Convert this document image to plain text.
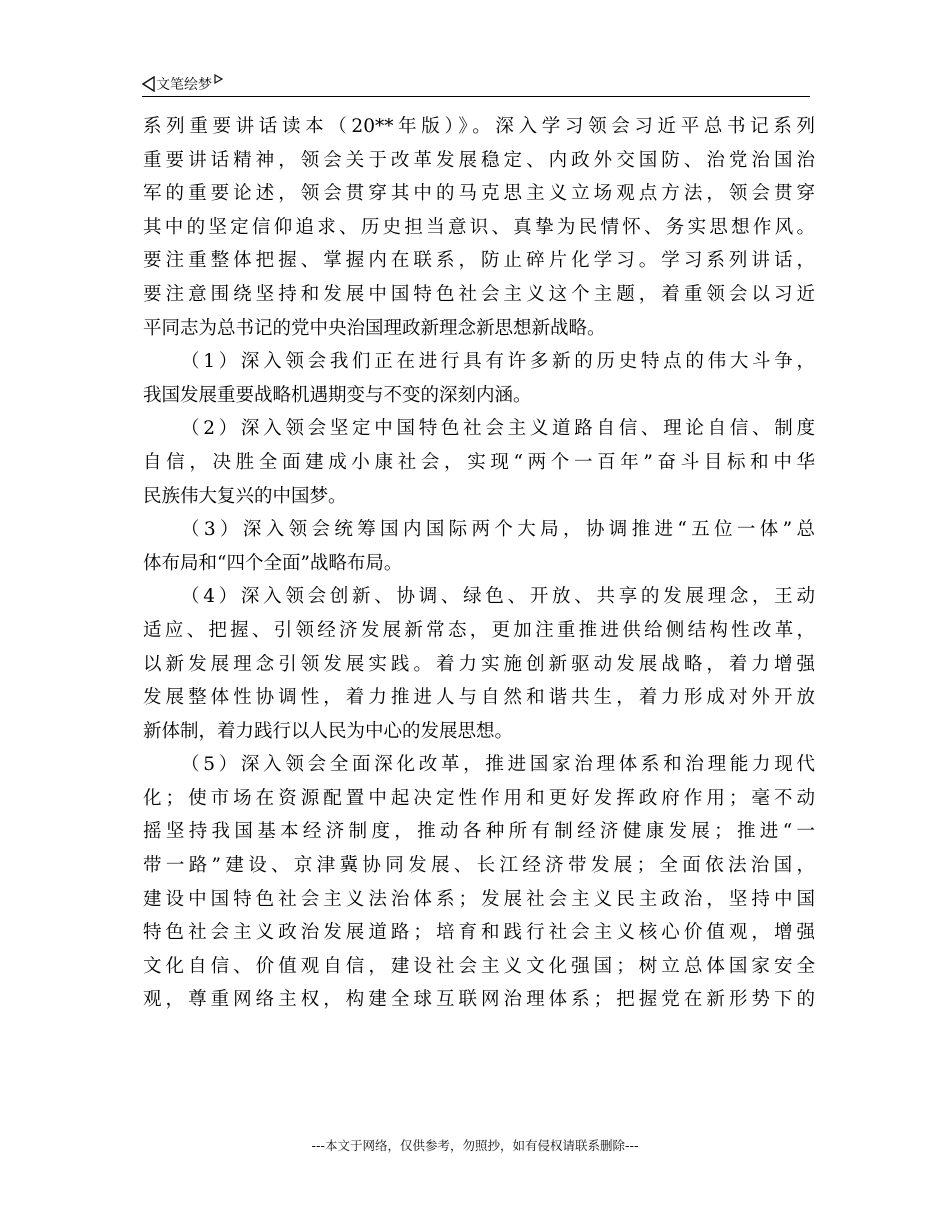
文笔绘梦
系列重要讲话读本（20**年版）》。深入学习领会习近平总书记系列
重要讲话精神，领会关于改革发展稳定、内政外交国防、治党治国治
军的重要论述，领会贯穿其中的马克思主义立场观点方法，领会贯穿
其中的坚定信仰追求、历史担当意识、真挚为民情怀、务实思想作风。
要注重整体把握、掌握内在联系，防止碎片化学习。学习系列讲话，
要注意围绕坚持和发展中国特色社会主义这个主题，着重领会以习近
平同志为总书记的党中央治国理政新理念新思想新战略。
（1）深入领会我们正在进行具有许多新的历史特点的伟大斗争，
我国发展重要战略机遇期变与不变的深刻内涵。
（2）深入领会坚定中国特色社会主义道路自信、理论自信、制度
自信，决胜全面建成小康社会，实现“两个一百年”奋斗目标和中华
民族伟大复兴的中国梦。
（3）深入领会统筹国内国际两个大局，协调推进“五位一体”总
体布局和“四个全面”战略布局。
（4）深入领会创新、协调、绿色、开放、共享的发展理念，王动
适应、把握、引领经济发展新常态，更加注重推进供给侧结构性改革，
以新发展理念引领发展实践。着力实施创新驱动发展战略，着力增强
发展整体性协调性，着力推进人与自然和谐共生，着力形成对外开放
新体制，着力践行以人民为中心的发展思想。
（5）深入领会全面深化改革，推进国家治理体系和治理能力现代
化；使市场在资源配置中起决定性作用和更好发挥政府作用；毫不动
摇坚持我国基本经济制度，推动各种所有制经济健康发展；推进“一
带一路”建设、京津冀协同发展、长江经济带发展；全面依法治国，
建设中国特色社会主义法治体系；发展社会主义民主政治，坚持中国
特色社会主义政治发展道路；培育和践行社会主义核心价值观，增强
文化自信、价值观自信，建设社会主义文化强国；树立总体国家安全
观，尊重网络主权，构建全球互联网治理体系；把握党在新形势下的
---本文于网络，仅供参考，勿照抄，如有侵权请联系删除---
